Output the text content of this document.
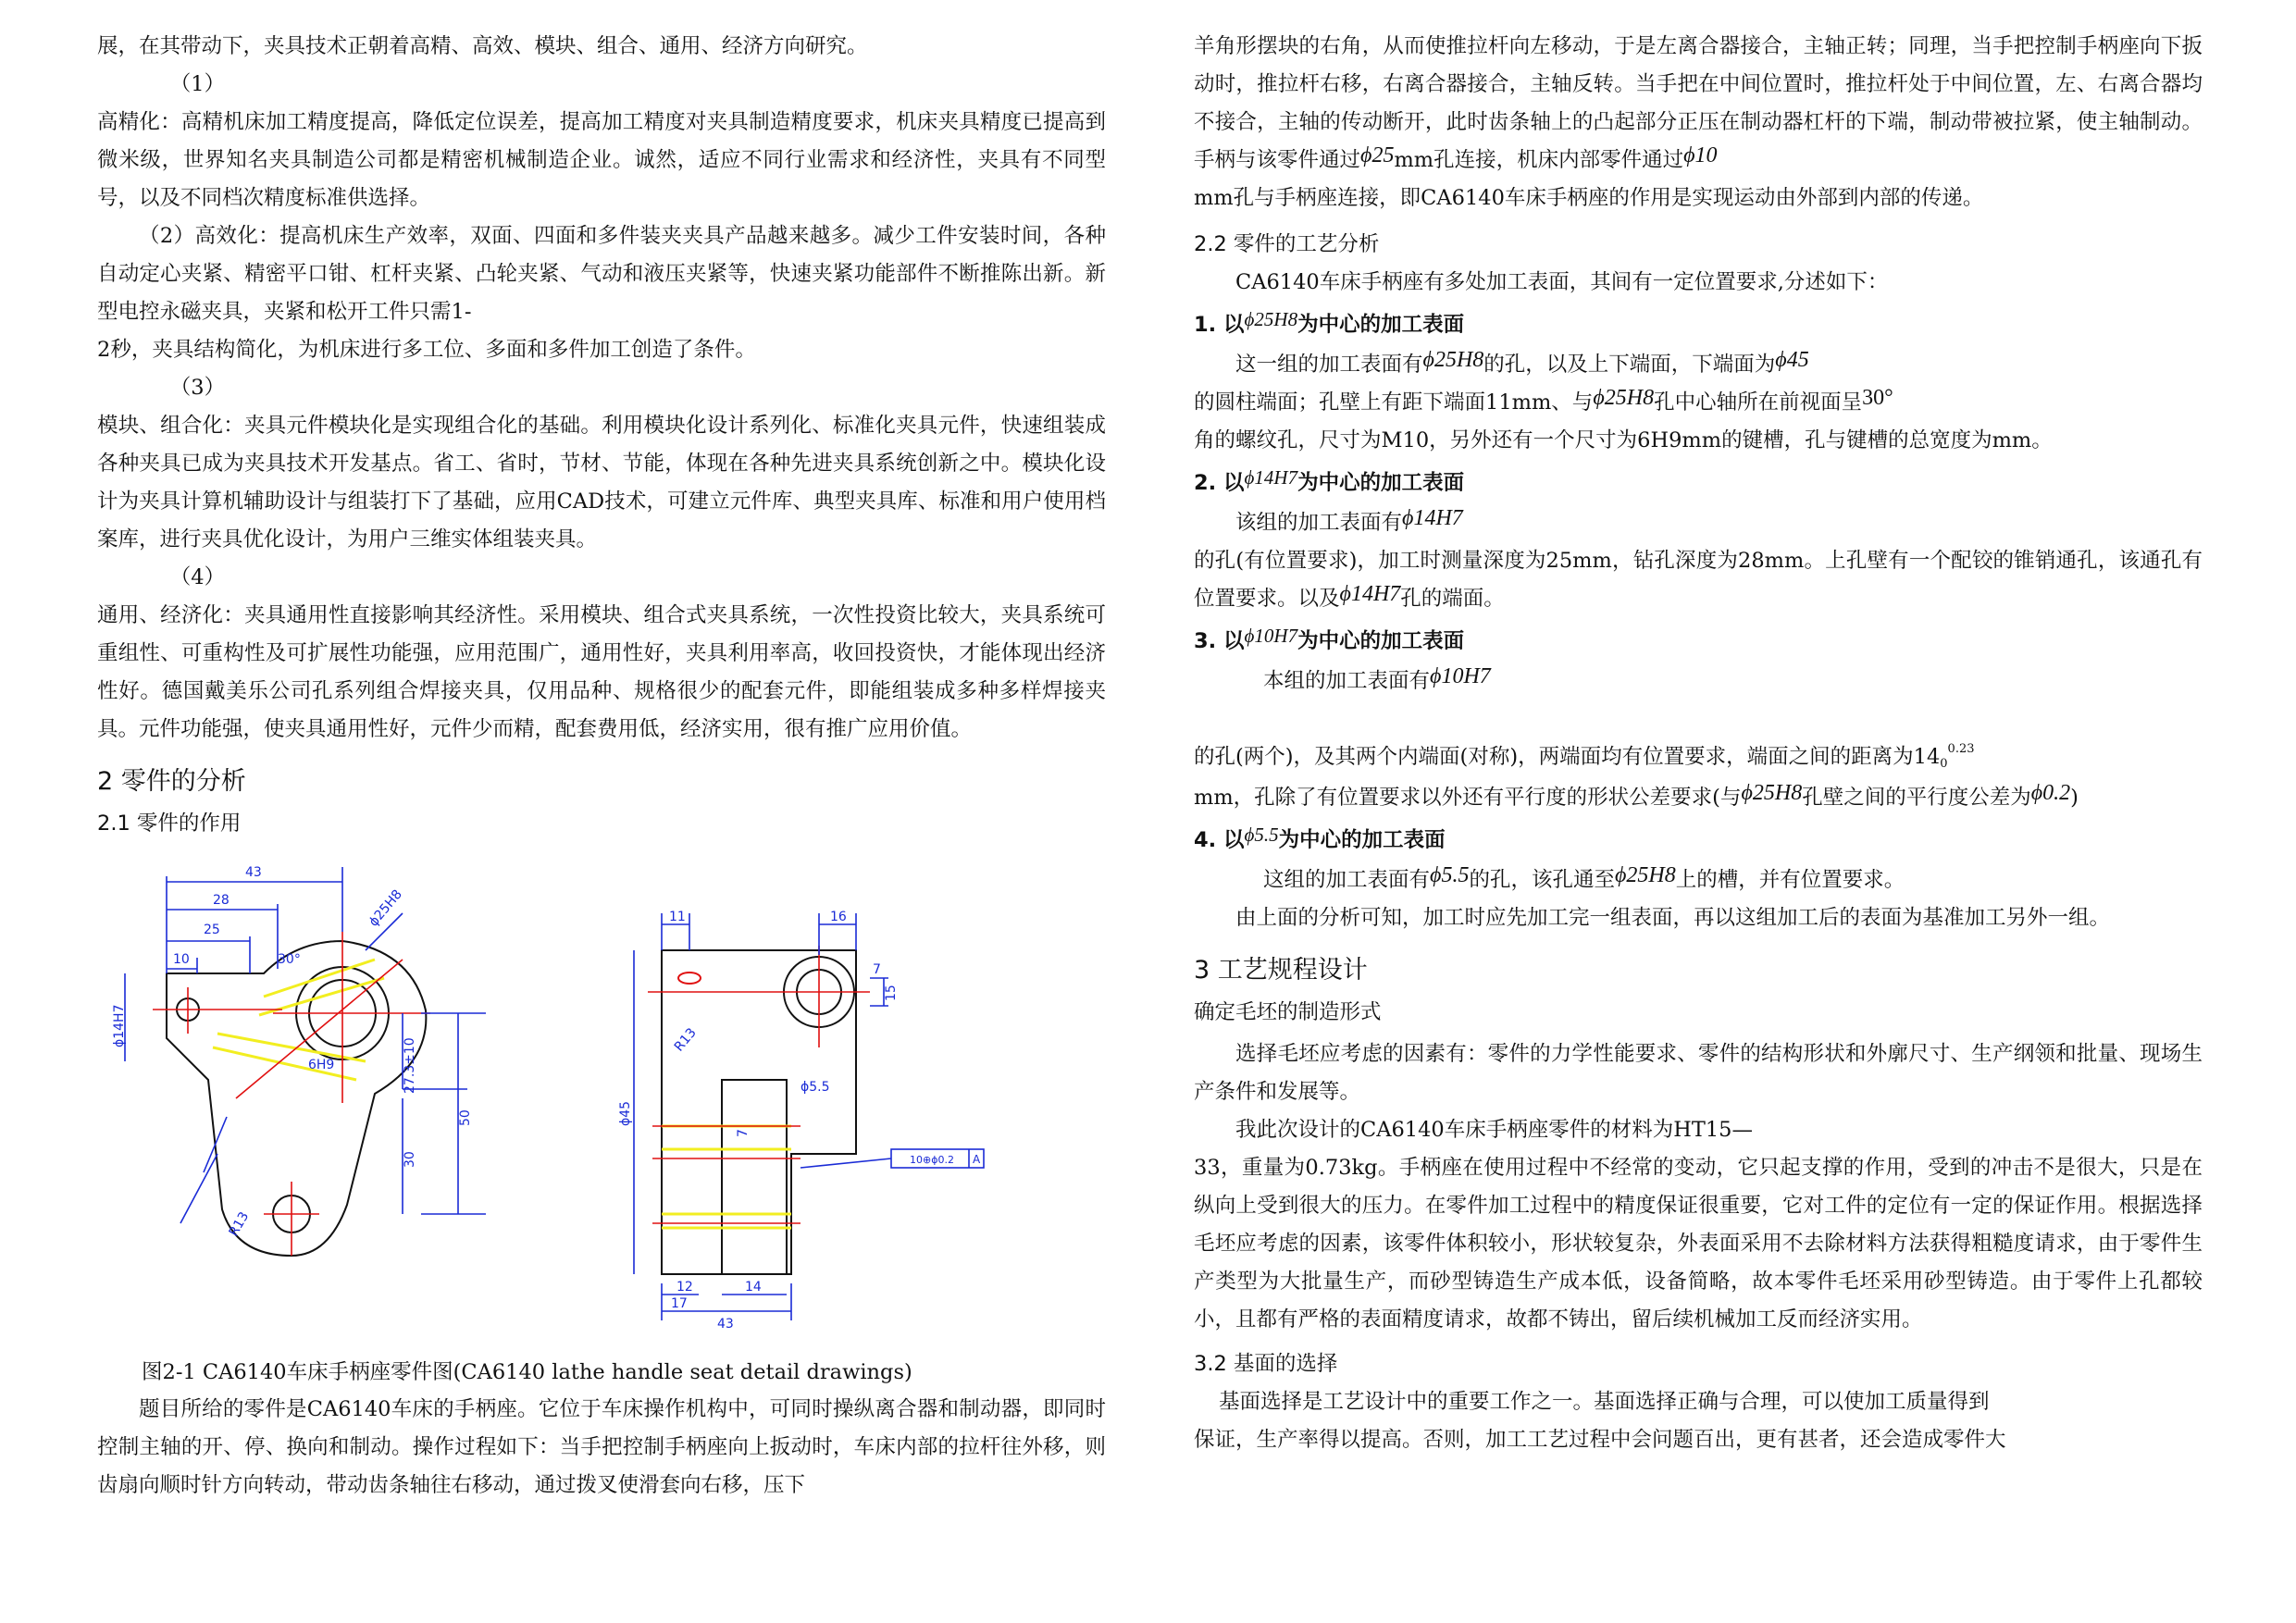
展，在其带动下，夹具技术正朝着高精、高效、模块、组合、通用、经济方向研究。

（1）

高精化：高精机床加工精度提高，降低定位误差，提高加工精度对夹具制造精度要求，机床夹具精度已提高到微米级，世界知名夹具制造公司都是精密机械制造企业。诚然，适应不同行业需求和经济性，夹具有不同型号，以及不同档次精度标准供选择。

（2）高效化：提高机床生产效率，双面、四面和多件装夹夹具产品越来越多。减少工件安装时间，各种自动定心夹紧、精密平口钳、杠杆夹紧、凸轮夹紧、气动和液压夹紧等，快速夹紧功能部件不断推陈出新。新型电控永磁夹具，夹紧和松开工件只需1-

2秒，夹具结构简化，为机床进行多工位、多面和多件加工创造了条件。

（3）

模块、组合化：夹具元件模块化是实现组合化的基础。利用模块化设计系列化、标准化夹具元件，快速组装成各种夹具已成为夹具技术开发基点。省工、省时，节材、节能，体现在各种先进夹具系统创新之中。模块化设计为夹具计算机辅助设计与组装打下了基础，应用CAD技术，可建立元件库、典型夹具库、标准和用户使用档案库，进行夹具优化设计，为用户三维实体组装夹具。

（4）

通用、经济化：夹具通用性直接影响其经济性。采用模块、组合式夹具系统，一次性投资比较大，夹具系统可重组性、可重构性及可扩展性功能强，应用范围广，通用性好，夹具利用率高，收回投资快，才能体现出经济性好。德国戴美乐公司孔系列组合焊接夹具，仅用品种、规格很少的配套元件，即能组装成多种多样焊接夹具。元件功能强，使夹具通用性好，元件少而精，配套费用低，经济实用，很有推广应用价值。

2 零件的分析
2.1 零件的作用
43
28
25
10	30°
ϕ25H8
ϕ14H7
6H9	27.3±10
50
30
R13
11	16
ϕ45
R13
7
15
ϕ5.5
7
10⊕ϕ0.2 A
12	14
17
43

图2-1 CA6140车床手柄座零件图(CA6140 lathe handle seat detail drawings)

题目所给的零件是CA6140车床的手柄座。它位于车床操作机构中，可同时操纵离合器和制动器，即同时控制主轴的开、停、换向和制动。操作过程如下：当手把控制手柄座向上扳动时，车床内部的拉杆往外移，则齿扇向顺时针方向转动，带动齿条轴往右移动，通过拨叉使滑套向右移，压下

羊角形摆块的右角，从而使推拉杆向左移动，于是左离合器接合，主轴正转；同理，当手把控制手柄座向下扳动时，推拉杆右移，右离合器接合，主轴反转。当手把在中间位置时，推拉杆处于中间位置，左、右离合器均不接合，主轴的传动断开，此时齿条轴上的凸起部分正压在制动器杠杆的下端，制动带被拉紧，使主轴制动。手柄与该零件通过ϕ25mm孔连接，机床内部零件通过ϕ10
mm孔与手柄座连接，即CA6140车床手柄座的作用是实现运动由外部到内部的传递。

2.2 零件的工艺分析

CA6140车床手柄座有多处加工表面，其间有一定位置要求,分述如下：

1. 以ϕ25H8为中心的加工表面

这一组的加工表面有ϕ25H8的孔，以及上下端面，下端面为ϕ45
的圆柱端面；孔壁上有距下端面11mm、与ϕ25H8孔中心轴所在前视面呈30°
角的螺纹孔，尺寸为M10，另外还有一个尺寸为6H9mm的键槽，孔与键槽的总宽度为mm。

2. 以ϕ14H7为中心的加工表面

该组的加工表面有ϕ14H7
的孔(有位置要求)，加工时测量深度为25mm，钻孔深度为28mm。上孔壁有一个配铰的锥销通孔，该通孔有位置要求。以及ϕ14H7孔的端面。

3. 以ϕ10H7为中心的加工表面

本组的加工表面有ϕ10H7

的孔(两个)，及其两个内端面(对称)，两端面均有位置要求，端面之间的距离为$140^{0.23}$
mm，孔除了有位置要求以外还有平行度的形状公差要求(与ϕ25H8孔壁之间的平行度公差为ϕ0.2)

4. 以ϕ5.5为中心的加工表面

这组的加工表面有ϕ5.5的孔，该孔通至ϕ25H8上的槽，并有位置要求。

由上面的分析可知，加工时应先加工完一组表面，再以这组加工后的表面为基准加工另外一组。

3 工艺规程设计
确定毛坯的制造形式

选择毛坯应考虑的因素有：零件的力学性能要求、零件的结构形状和外廓尺寸、生产纲领和批量、现场生产条件和发展等。

我此次设计的CA6140车床手柄座零件的材料为HT15—

33，重量为0.73kg。手柄座在使用过程中不经常的变动，它只起支撑的作用，受到的冲击不是很大，只是在纵向上受到很大的压力。在零件加工过程中的精度保证很重要，它对工件的定位有一定的保证作用。根据选择毛坯应考虑的因素，该零件体积较小，形状较复杂，外表面采用不去除材料方法获得粗糙度请求，由于零件生产类型为大批量生产，而砂型铸造生产成本低，设备简略，故本零件毛坯采用砂型铸造。由于零件上孔都较小，且都有严格的表面精度请求，故都不铸出，留后续机械加工反而经济实用。

3.2 基面的选择

基面选择是工艺设计中的重要工作之一。基面选择正确与合理，可以使加工质量得到

保证，生产率得以提高。否则，加工工艺过程中会问题百出，更有甚者，还会造成零件大
